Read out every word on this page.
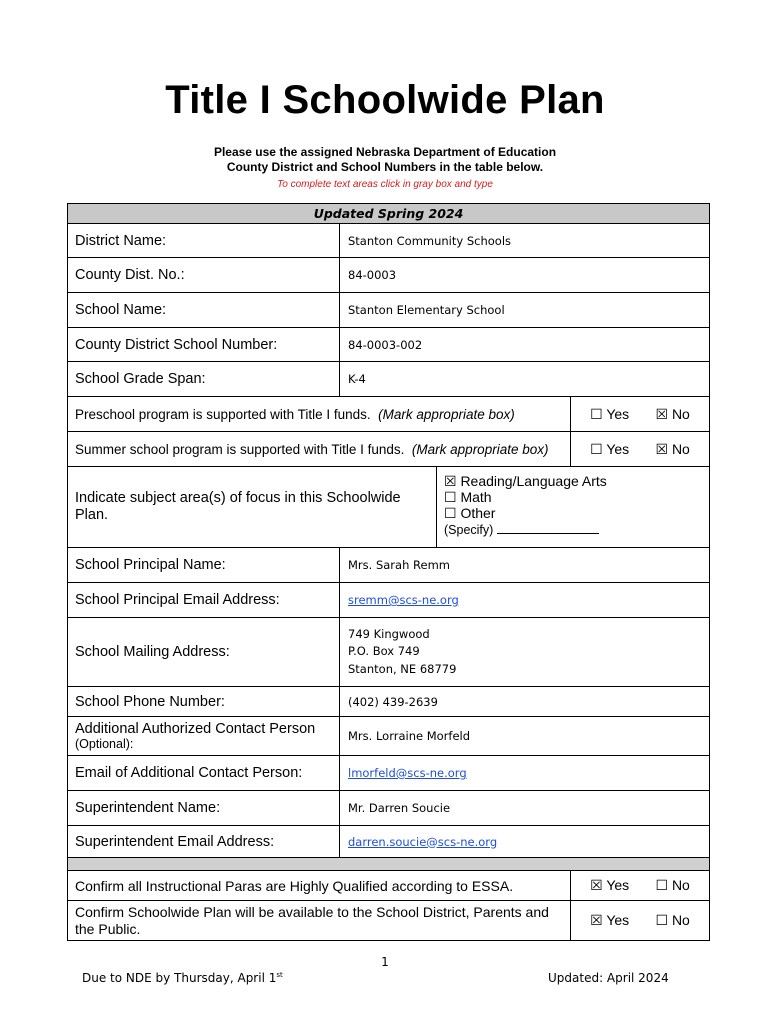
Title I Schoolwide Plan
Please use the assigned Nebraska Department of Education
County District and School Numbers in the table below.
To complete text areas click in gray box and type
Updated Spring 2024
District Name:	Stanton Community Schools
County Dist. No.:	84-0003
School Name:	Stanton Elementary School
County District School Number:	84-0003-002
School Grade Span:	K-4
Preschool program is supported with Title I funds.
(Mark appropriate box)	☐ Yes ☒ No
Summer school program is supported with Title I funds.
(Mark appropriate box)	☐ Yes ☒ No
Indicate subject area(s) of focus in this Schoolwide Plan.
☒ Reading/Language Arts
☐ Math
☐ Other
(Specify)
School Principal Name:	Mrs. Sarah Remm
School Principal Email Address:	sremm@scs-ne.org
School Mailing Address:
749 Kingwood
P.O. Box 749
Stanton, NE 68779
School Phone Number:	(402) 439-2639
Additional Authorized Contact Person
(Optional):
Mrs. Lorraine Morfeld
Email of Additional Contact Person:	lmorfeld@scs-ne.org
Superintendent Name:	Mr. Darren Soucie
Superintendent Email Address:	darren.soucie@scs-ne.org
Confirm all Instructional Paras are Highly Qualified according to ESSA.	☒ Yes ☐ No
Confirm Schoolwide Plan will be available to the School District, Parents and the Public.
☒ Yes ☐ No
1
Due to NDE by Thursday, April 1st	Updated: April 2024
